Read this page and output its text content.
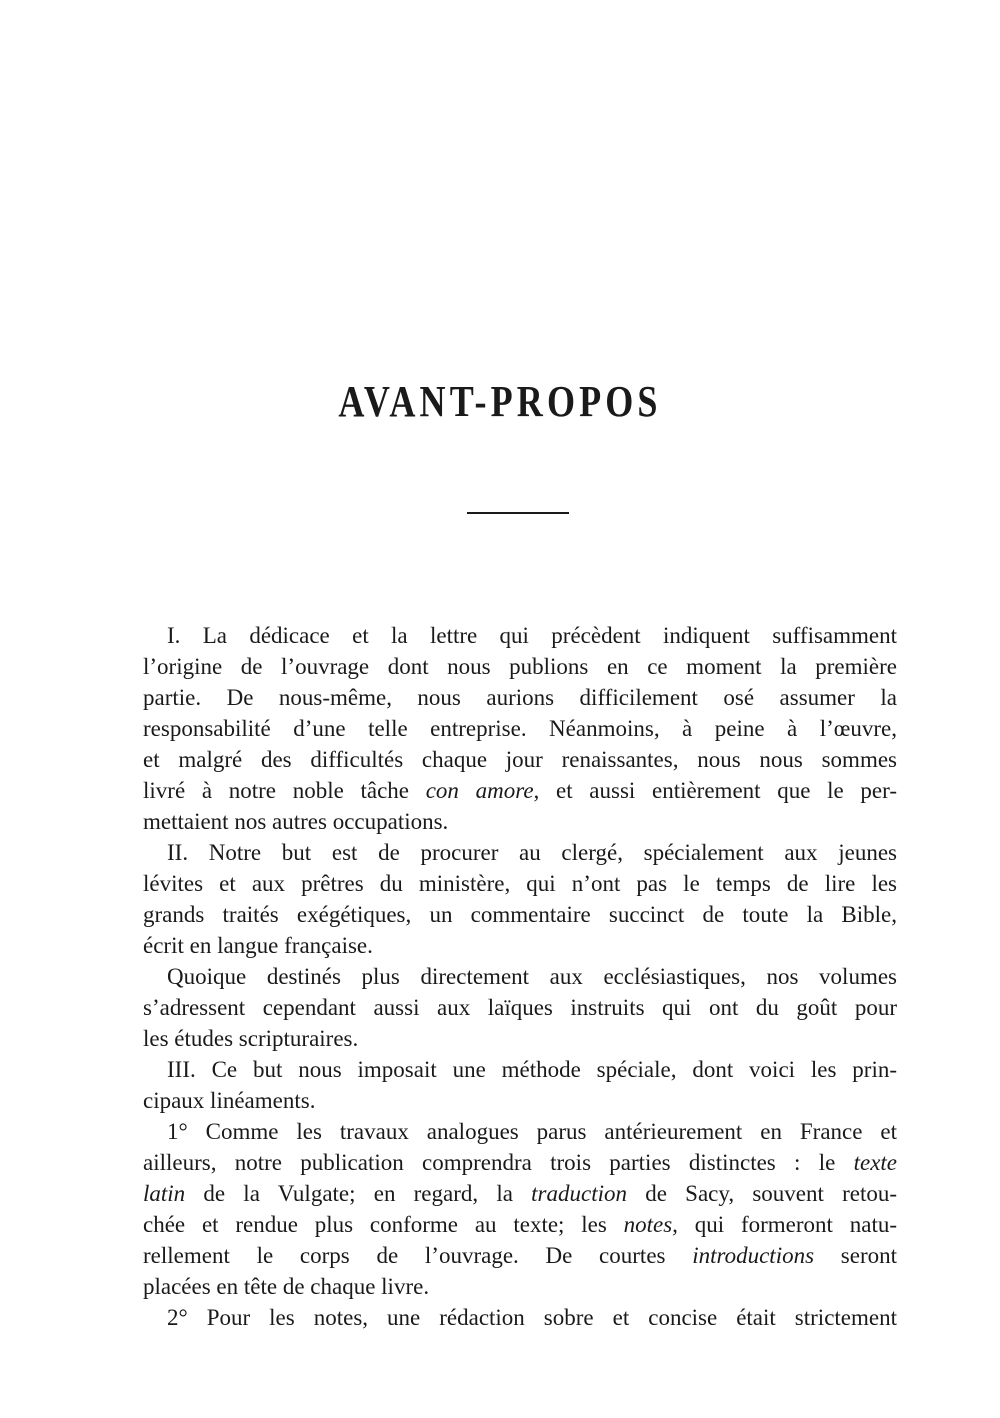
AVANT-PROPOS
I. La dédicace et la lettre qui précèdent indiquent suffisamment
l’origine de l’ouvrage dont nous publions en ce moment la première
partie. De nous-même, nous aurions difficilement osé assumer la
responsabilité d’une telle entreprise. Néanmoins, à peine à l’œuvre,
et malgré des difficultés chaque jour renaissantes, nous nous sommes
livré à notre noble tâche con amore, et aussi entièrement que le per-
mettaient nos autres occupations.
II. Notre but est de procurer au clergé, spécialement aux jeunes
lévites et aux prêtres du ministère, qui n’ont pas le temps de lire les
grands traités exégétiques, un commentaire succinct de toute la Bible,
écrit en langue française.
Quoique destinés plus directement aux ecclésiastiques, nos volumes
s’adressent cependant aussi aux laïques instruits qui ont du goût pour
les études scripturaires.
III. Ce but nous imposait une méthode spéciale, dont voici les prin-
cipaux linéaments.
1° Comme les travaux analogues parus antérieurement en France et
ailleurs, notre publication comprendra trois parties distinctes : le texte
latin de la Vulgate; en regard, la traduction de Sacy, souvent retou-
chée et rendue plus conforme au texte; les notes, qui formeront natu-
rellement le corps de l’ouvrage. De courtes introductions seront
placées en tête de chaque livre.
2° Pour les notes, une rédaction sobre et concise était strictement
